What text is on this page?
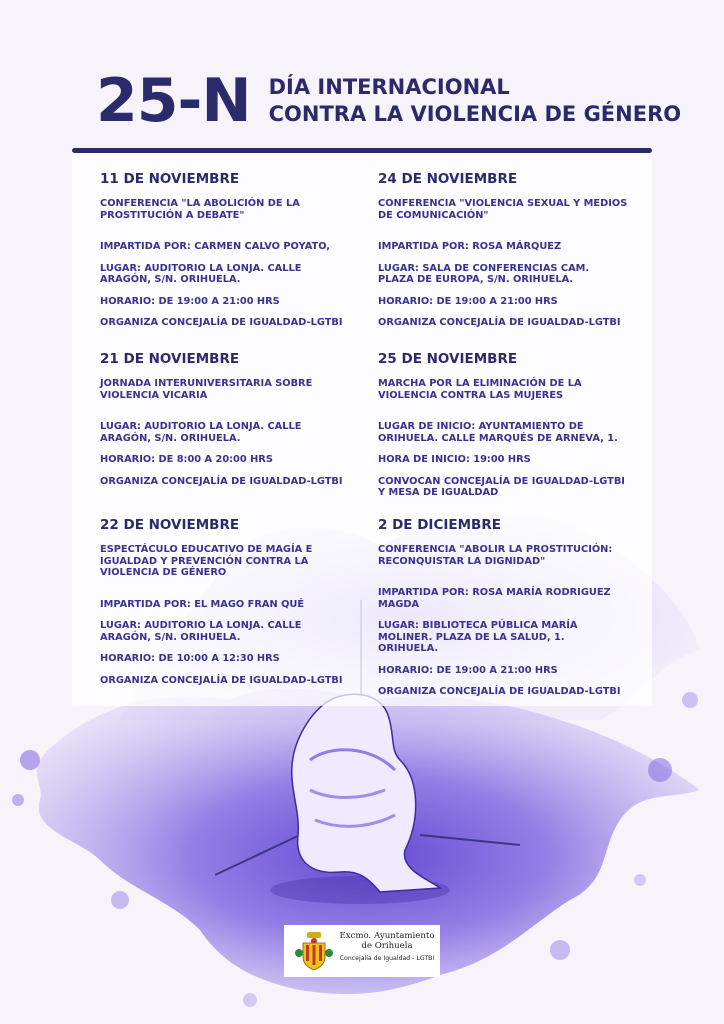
25-N DÍA INTERNACIONAL
CONTRA LA VIOLENCIA DE GÉNERO
11 DE NOVIEMBRE
CONFERENCIA "LA ABOLICIÓN DE LA PROSTITUCIÓN A DEBATE"
IMPARTIDA POR: CARMEN CALVO POYATO,
LUGAR: AUDITORIO LA LONJA. CALLE ARAGÓN, S/N. ORIHUELA.
HORARIO: DE 19:00 A 21:00 HRS
ORGANIZA CONCEJALÍA DE IGUALDAD-LGTBI
24 DE NOVIEMBRE
CONFERENCIA "VIOLENCIA SEXUAL Y MEDIOS DE COMUNICACIÓN"
IMPARTIDA POR: ROSA MÁRQUEZ
LUGAR: SALA DE CONFERENCIAS CAM. PLAZA DE EUROPA, S/N. ORIHUELA.
HORARIO: DE 19:00 A 21:00 HRS
ORGANIZA CONCEJALÍA DE IGUALDAD-LGTBI
21 DE NOVIEMBRE
JORNADA INTERUNIVERSITARIA SOBRE VIOLENCIA VICARIA
LUGAR: AUDITORIO LA LONJA. CALLE ARAGÓN, S/N. ORIHUELA.
HORARIO: DE 8:00 A 20:00 HRS
ORGANIZA CONCEJALÍA DE IGUALDAD-LGTBI
25 DE NOVIEMBRE
MARCHA POR LA ELIMINACIÓN DE LA VIOLENCIA CONTRA LAS MUJERES
LUGAR DE INICIO: AYUNTAMIENTO DE ORIHUELA. CALLE MARQUÉS DE ARNEVA, 1.
HORA DE INICIO: 19:00 HRS
CONVOCAN CONCEJALÍA DE IGUALDAD-LGTBI Y MESA DE IGUALDAD
22 DE NOVIEMBRE
ESPECTÁCULO EDUCATIVO DE MAGÍA E IGUALDAD Y PREVENCIÓN CONTRA LA VIOLENCIA DE GÉNERO
IMPARTIDA POR: EL MAGO FRAN QUÉ
LUGAR: AUDITORIO LA LONJA. CALLE ARAGÓN, S/N. ORIHUELA.
HORARIO: DE 10:00 A 12:30 HRS
ORGANIZA CONCEJALÍA DE IGUALDAD-LGTBI
2 DE DICIEMBRE
CONFERENCIA "ABOLIR LA PROSTITUCIÓN: RECONQUISTAR LA DIGNIDAD"
IMPARTIDA POR: ROSA MARÍA RODRIGUEZ MAGDA
LUGAR: BIBLIOTECA PÚBLICA MARÍA MOLINER. PLAZA DE LA SALUD, 1. ORIHUELA.
HORARIO: DE 19:00 A 21:00 HRS
ORGANIZA CONCEJALÍA DE IGUALDAD-LGTBI
Excmo. Ayuntamiento
de Orihuela
Concejalía de Igualdad - LGTBI
